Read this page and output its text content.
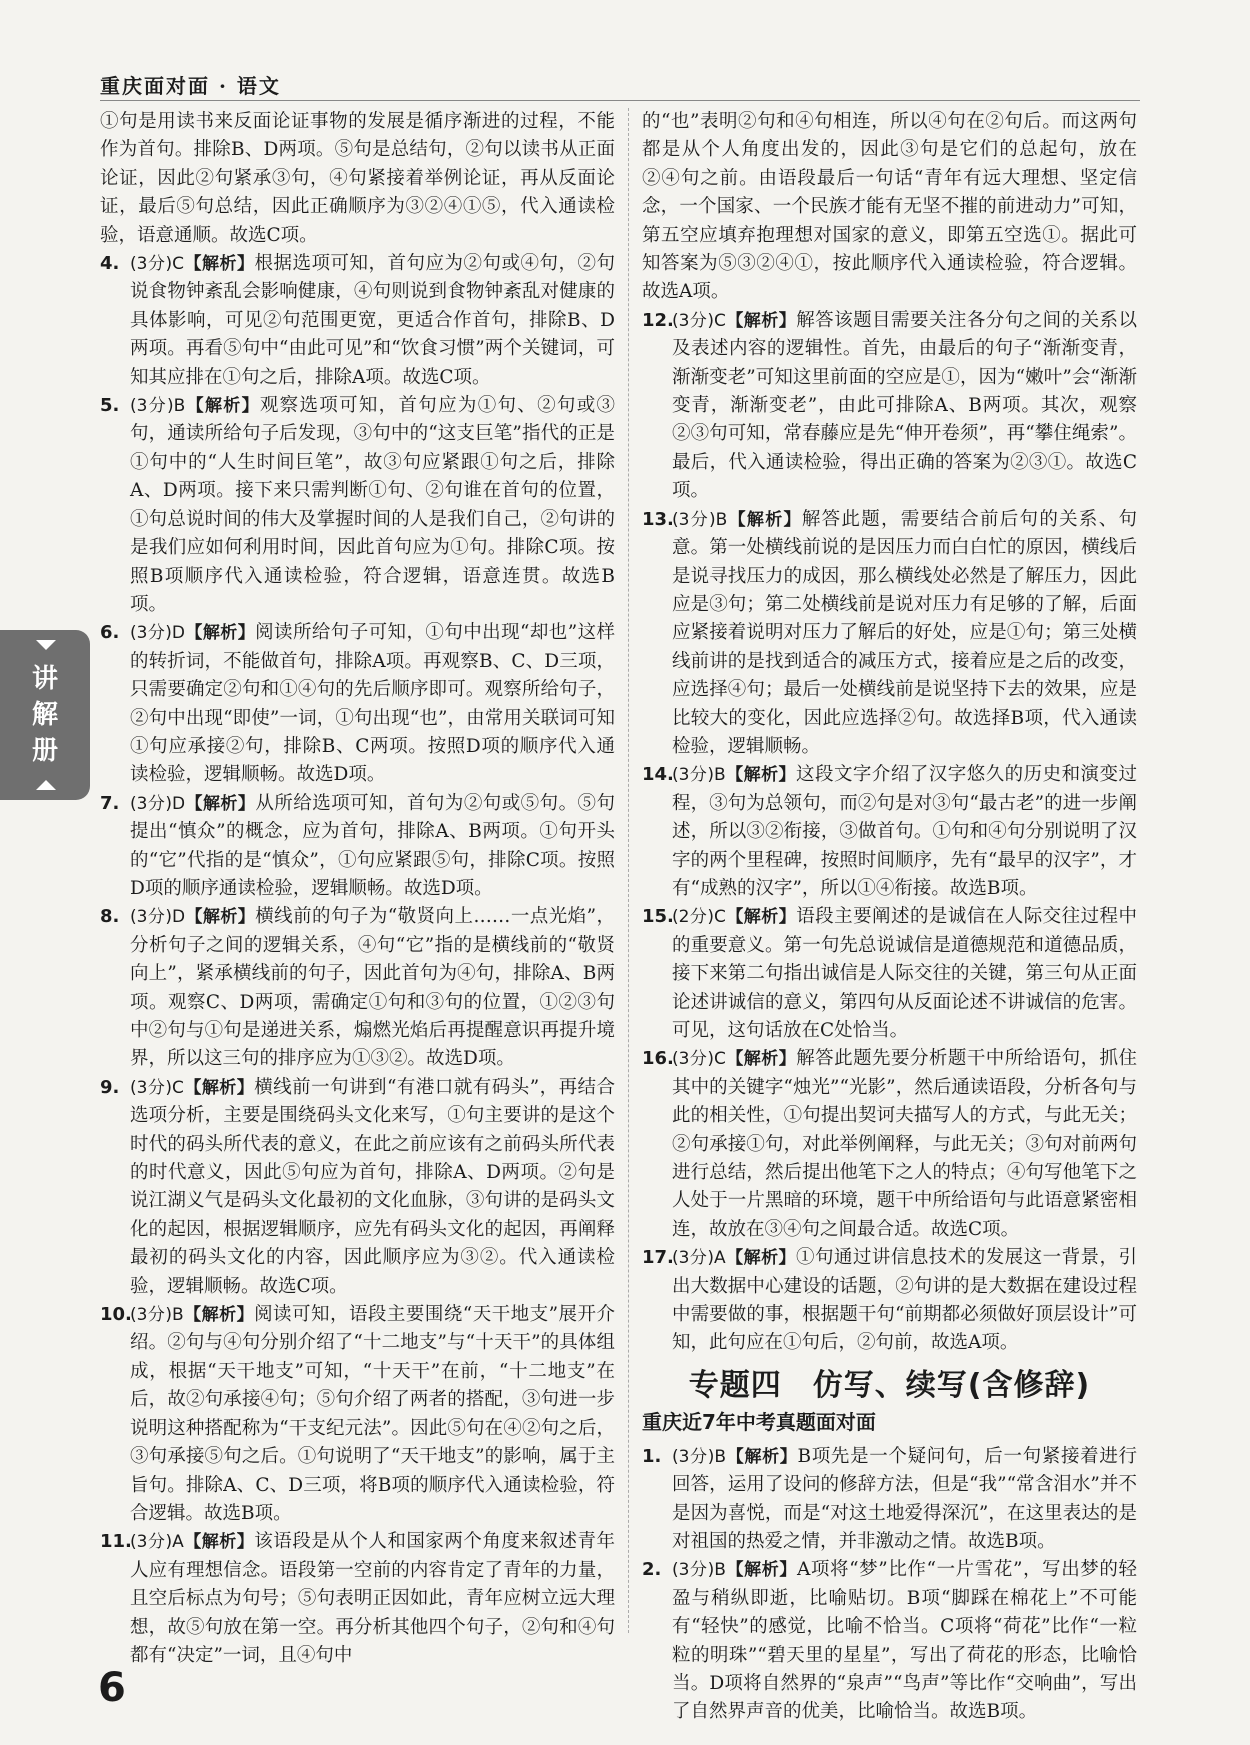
重庆面对面 · 语文
讲
解
册

①句是用读书来反面论证事物的发展是循序渐进的过程，不能作为首句。排除B、D两项。⑤句是总结句，②句以读书从正面论证，因此②句紧承③句，④句紧接着举例论证，再从反面论证，最后⑤句总结，因此正确顺序为③②④①⑤，代入通读检验，语意通顺。故选C项。

4. (3分)C【解析】根据选项可知，首句应为②句或④句，②句说食物钟紊乱会影响健康，④句则说到食物钟紊乱对健康的具体影响，可见②句范围更宽，更适合作首句，排除B、D两项。再看⑤句中“由此可见”和“饮食习惯”两个关键词，可知其应排在①句之后，排除A项。故选C项。

5. (3分)B【解析】观察选项可知，首句应为①句、②句或③句，通读所给句子后发现，③句中的“这支巨笔”指代的正是①句中的“人生时间巨笔”，故③句应紧跟①句之后，排除A、D两项。接下来只需判断①句、②句谁在首句的位置，①句总说时间的伟大及掌握时间的人是我们自己，②句讲的是我们应如何利用时间，因此首句应为①句。排除C项。按照B项顺序代入通读检验，符合逻辑，语意连贯。故选B项。

6. (3分)D【解析】阅读所给句子可知，①句中出现“却也”这样的转折词，不能做首句，排除A项。再观察B、C、D三项，只需要确定②句和①④句的先后顺序即可。观察所给句子，②句中出现“即使”一词，①句出现“也”，由常用关联词可知①句应承接②句，排除B、C两项。按照D项的顺序代入通读检验，逻辑顺畅。故选D项。

7. (3分)D【解析】从所给选项可知，首句为②句或⑤句。⑤句提出“慎众”的概念，应为首句，排除A、B两项。①句开头的“它”代指的是“慎众”，①句应紧跟⑤句，排除C项。按照D项的顺序通读检验，逻辑顺畅。故选D项。

8. (3分)D【解析】横线前的句子为“敬贤向上……一点光焰”，分析句子之间的逻辑关系，④句“它”指的是横线前的“敬贤向上”，紧承横线前的句子，因此首句为④句，排除A、B两项。观察C、D两项，需确定①句和③句的位置，①②③句中②句与①句是递进关系，煽燃光焰后再提醒意识再提升境界，所以这三句的排序应为①③②。故选D项。

9. (3分)C【解析】横线前一句讲到“有港口就有码头”，再结合选项分析，主要是围绕码头文化来写，①句主要讲的是这个时代的码头所代表的意义，在此之前应该有之前码头所代表的时代意义，因此⑤句应为首句，排除A、D两项。②句是说江湖义气是码头文化最初的文化血脉，③句讲的是码头文化的起因，根据逻辑顺序，应先有码头文化的起因，再阐释最初的码头文化的内容，因此顺序应为③②。代入通读检验，逻辑顺畅。故选C项。

10.
(3分)B【解析】阅读可知，语段主要围绕“天干地支”展开介绍。②句与④句分别介绍了“十二地支”与“十天干”的具体组成，根据“天干地支”可知，“十天干”在前，“十二地支”在后，故②句承接④句；⑤句介绍了两者的搭配，③句进一步说明这种搭配称为“干支纪元法”。因此⑤句在④②句之后，③句承接⑤句之后。①句说明了“天干地支”的影响，属于主旨句。排除A、C、D三项，将B项的顺序代入通读检验，符合逻辑。故选B项。

11.
(3分)A【解析】该语段是从个人和国家两个角度来叙述青年人应有理想信念。语段第一空前的内容肯定了青年的力量，且空后标点为句号；⑤句表明正因如此，青年应树立远大理想，故⑤句放在第一空。再分析其他四个句子，②句和④句都有“决定”一词，且④句中

的“也”表明②句和④句相连，所以④句在②句后。而这两句都是从个人角度出发的，因此③句是它们的总起句，放在②④句之前。由语段最后一句话“青年有远大理想、坚定信念，一个国家、一个民族才能有无坚不摧的前进动力”可知，第五空应填弃抱理想对国家的意义，即第五空选①。据此可知答案为⑤③②④①，按此顺序代入通读检验，符合逻辑。故选A项。

12.
(3分)C【解析】解答该题目需要关注各分句之间的关系以及表述内容的逻辑性。首先，由最后的句子“渐渐变青，渐渐变老”可知这里前面的空应是①，因为“嫩叶”会“渐渐变青，渐渐变老”，由此可排除A、B两项。其次，观察②③句可知，常春藤应是先“伸开卷须”，再“攀住绳索”。最后，代入通读检验，得出正确的答案为②③①。故选C项。

13.
(3分)B【解析】解答此题，需要结合前后句的关系、句意。第一处横线前说的是因压力而白白忙的原因，横线后是说寻找压力的成因，那么横线处必然是了解压力，因此应是③句；第二处横线前是说对压力有足够的了解，后面应紧接着说明对压力了解后的好处，应是①句；第三处横线前讲的是找到适合的减压方式，接着应是之后的改变，应选择④句；最后一处横线前是说坚持下去的效果，应是比较大的变化，因此应选择②句。故选择B项，代入通读检验，逻辑顺畅。

14.
(3分)B【解析】这段文字介绍了汉字悠久的历史和演变过程，③句为总领句，而②句是对③句“最古老”的进一步阐述，所以③②衔接，③做首句。①句和④句分别说明了汉字的两个里程碑，按照时间顺序，先有“最早的汉字”，才有“成熟的汉字”，所以①④衔接。故选B项。

15.
(2分)C【解析】语段主要阐述的是诚信在人际交往过程中的重要意义。第一句先总说诚信是道德规范和道德品质，接下来第二句指出诚信是人际交往的关键，第三句从正面论述讲诚信的意义，第四句从反面论述不讲诚信的危害。可见，这句话放在C处恰当。

16.
(3分)C【解析】解答此题先要分析题干中所给语句，抓住其中的关键字“烛光”“光影”，然后通读语段，分析各句与此的相关性，①句提出契诃夫描写人的方式，与此无关；②句承接①句，对此举例阐释，与此无关；③句对前两句进行总结，然后提出他笔下之人的特点；④句写他笔下之人处于一片黑暗的环境，题干中所给语句与此语意紧密相连，故放在③④句之间最合适。故选C项。

17.
(3分)A【解析】①句通过讲信息技术的发展这一背景，引出大数据中心建设的话题，②句讲的是大数据在建设过程中需要做的事，根据题干句“前期都必须做好顶层设计”可知，此句应在①句后，②句前，故选A项。

专题四　仿写、续写(含修辞)
重庆近7年中考真题面对面

1. (3分)B【解析】B项先是一个疑问句，后一句紧接着进行回答，运用了设问的修辞方法，但是“我”“常含泪水”并不是因为喜悦，而是“对这土地爱得深沉”，在这里表达的是对祖国的热爱之情，并非激动之情。故选B项。

2. (3分)B【解析】A项将“梦”比作“一片雪花”，写出梦的轻盈与稍纵即逝，比喻贴切。B项“脚踩在棉花上”不可能有“轻快”的感觉，比喻不恰当。C项将“荷花”比作“一粒粒的明珠”“碧天里的星星”，写出了荷花的形态，比喻恰当。D项将自然界的“泉声”“鸟声”等比作“交响曲”，写出了自然界声音的优美，比喻恰当。故选B项。

6
